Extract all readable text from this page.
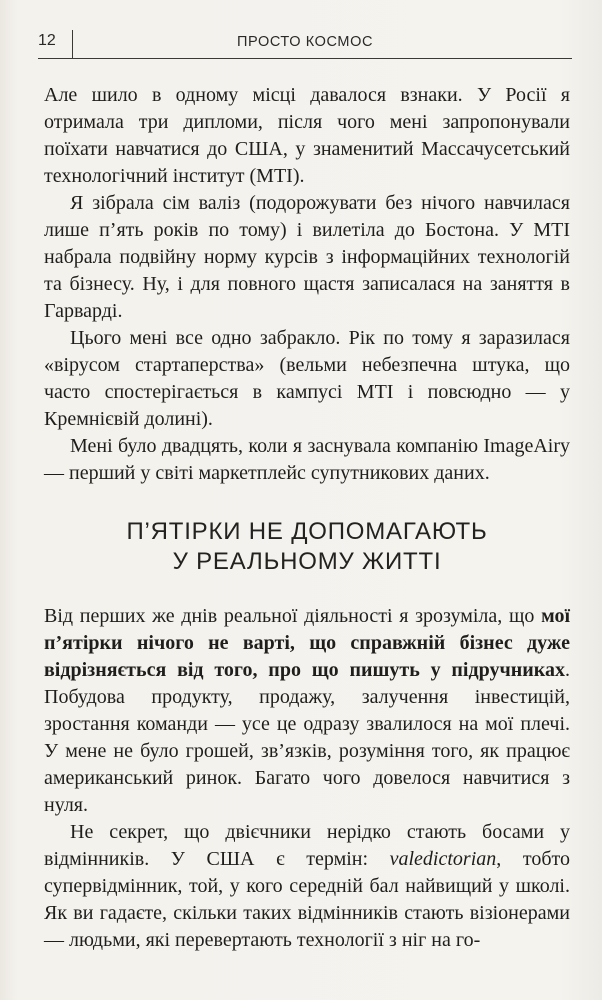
12	ПРОСТО КОСМОС

Але шило в одному місці давалося взнаки. У Росії я отримала три дипломи, після чого мені запропонували поїхати навчатися до США, у знаменитий Массачусетський технологічний інститут (МТІ).

Я зібрала сім валіз (подорожувати без нічого навчилася лише п’ять років по тому) і вилетіла до Бостона. У МТІ набрала подвійну норму курсів з інформаційних технологій та бізнесу. Ну, і для повного щастя записалася на заняття в Гарварді.

Цього мені все одно забракло. Рік по тому я заразилася «вірусом стартаперства» (вельми небезпечна штука, що часто спостерігається в кампусі МТІ і повсюдно — у Кремнієвій долині).

Мені було двадцять, коли я заснувала компанію ImageAiry — перший у світі маркетплейс супутникових даних.

П’ЯТІРКИ НЕ ДОПОМАГАЮТЬ
У РЕАЛЬНОМУ ЖИТТІ

Від перших же днів реальної діяльності я зрозуміла, що мої п’ятірки нічого не варті, що справжній бізнес дуже відрізняється від того, про що пишуть у підручниках. Побудова продукту, продажу, залучення інвестицій, зростання команди — усе це одразу звалилося на мої плечі. У мене не було грошей, зв’язків, розуміння того, як працює американський ринок. Багато чого довелося навчитися з нуля.

Не секрет, що двієчники нерідко стають босами у відмінників. У США є термін: valedictorian, тобто супервідмінник, той, у кого середній бал найвищий у школі. Як ви гадаєте, скільки таких відмінників стають візіонерами — людьми, які перевертають технології з ніг на го-
